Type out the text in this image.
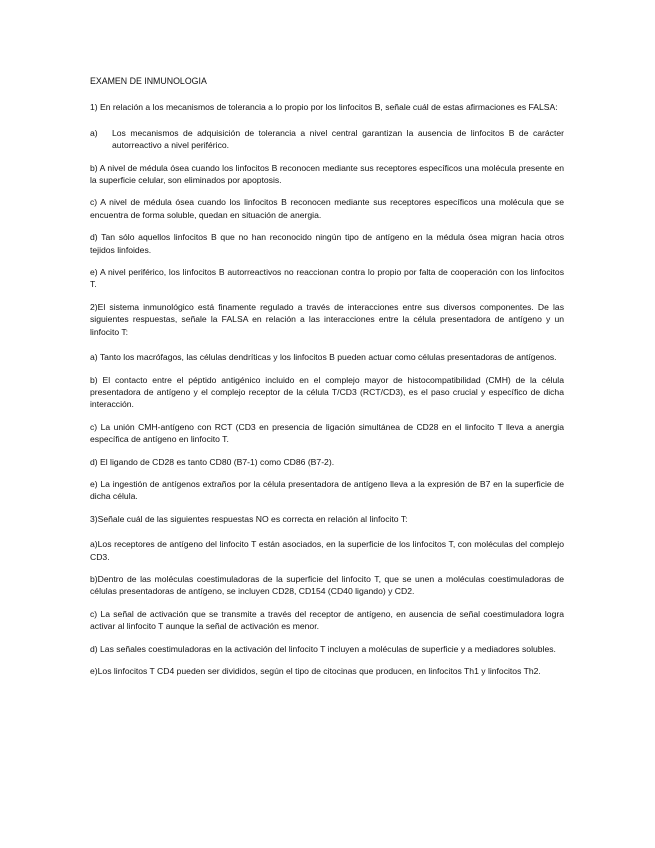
EXAMEN DE INMUNOLOGIA
1) En relación a los mecanismos de tolerancia a lo propio por los linfocitos B, señale cuál de estas afirmaciones es FALSA:
a)	Los mecanismos de adquisición de tolerancia a nivel central garantizan la ausencia de linfocitos B de carácter autorreactivo a nivel periférico.
b) A nivel de médula ósea cuando los linfocitos B reconocen mediante sus receptores específicos una molécula presente en la superficie celular, son eliminados por apoptosis.
c) A nivel de médula ósea cuando los linfocitos B reconocen mediante sus receptores específicos una molécula que se encuentra de forma soluble, quedan en situación de anergia.
d) Tan sólo aquellos linfocitos B que no han reconocido ningún tipo de antígeno en la médula ósea migran hacia otros tejidos linfoides.
e) A nivel periférico, los linfocitos B autorreactivos no reaccionan contra lo propio por falta de cooperación con los linfocitos T.
2)El sistema inmunológico está finamente regulado a través de interacciones entre sus diversos componentes. De las siguientes respuestas, señale la FALSA en relación a las interacciones entre la célula presentadora de antígeno y un linfocito T:
a) Tanto los macrófagos, las células dendríticas y los linfocitos B pueden actuar como células presentadoras de antígenos.
b) El contacto entre el péptido antigénico incluido en el complejo mayor de histocompatibilidad (CMH) de la célula presentadora de antígeno y el complejo receptor de la célula T/CD3 (RCT/CD3), es el paso crucial y específico de dicha interacción.
c) La unión CMH-antígeno con RCT (CD3 en presencia de ligación simultánea de CD28 en el linfocito T lleva a anergia específica de antígeno en linfocito T.
d) El ligando de CD28 es tanto CD80 (B7-1) como CD86 (B7-2).
e) La ingestión de antígenos extraños por la célula presentadora de antígeno lleva a la expresión de B7 en la superficie de dicha célula.
3)Señale cuál de las siguientes respuestas NO es correcta en relación al linfocito T:
a)Los receptores de antígeno del linfocito T están asociados, en la superficie de los linfocitos T, con moléculas del complejo CD3.
b)Dentro de las moléculas coestimuladoras de la superficie del linfocito T, que se unen a moléculas coestimuladoras de células presentadoras de antígeno, se incluyen CD28, CD154 (CD40 ligando) y CD2.
c) La señal de activación que se transmite a través del receptor de antígeno, en ausencia de señal coestimuladora logra activar al linfocito T aunque la señal de activación es menor.
d) Las señales coestimuladoras en la activación del linfocito T incluyen a moléculas de superficie y a mediadores solubles.
e)Los linfocitos T CD4 pueden ser divididos, según el tipo de citocinas que producen, en linfocitos Th1 y linfocitos Th2.
